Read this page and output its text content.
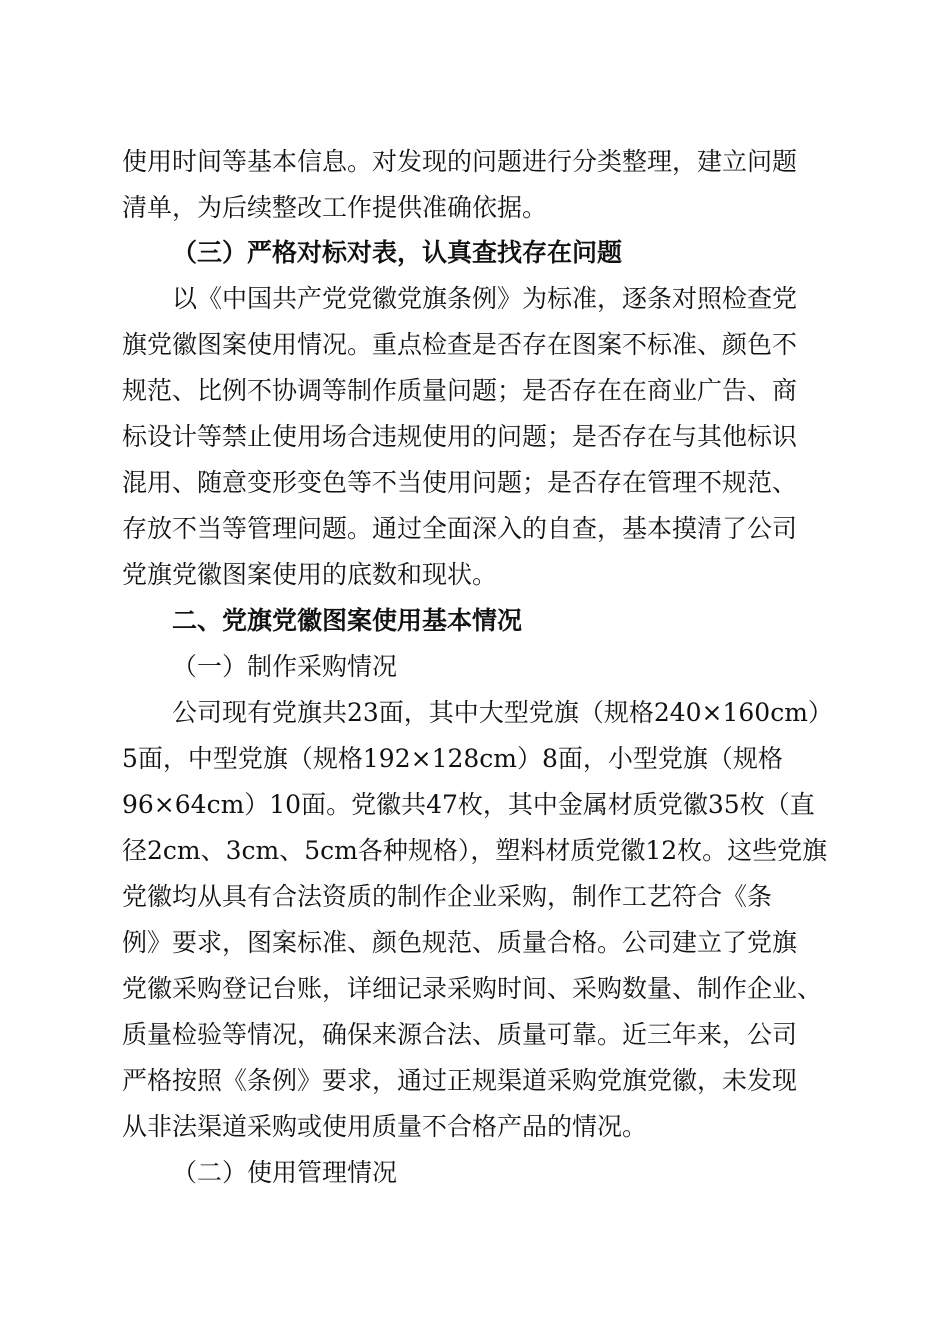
使用时间等基本信息。对发现的问题进行分类整理，建立问题
清单，为后续整改工作提供准确依据。
（三）严格对标对表，认真查找存在问题
以《中国共产党党徽党旗条例》为标准，逐条对照检查党
旗党徽图案使用情况。重点检查是否存在图案不标准、颜色不
规范、比例不协调等制作质量问题；是否存在在商业广告、商
标设计等禁止使用场合违规使用的问题；是否存在与其他标识
混用、随意变形变色等不当使用问题；是否存在管理不规范、
存放不当等管理问题。通过全面深入的自查，基本摸清了公司
党旗党徽图案使用的底数和现状。
二、党旗党徽图案使用基本情况
（一）制作采购情况
公司现有党旗共23面，其中大型党旗（规格240×160cm）
5面，中型党旗（规格192×128cm）8面，小型党旗（规格
96×64cm）10面。党徽共47枚，其中金属材质党徽35枚（直
径2cm、3cm、5cm各种规格），塑料材质党徽12枚。这些党旗
党徽均从具有合法资质的制作企业采购，制作工艺符合《条
例》要求，图案标准、颜色规范、质量合格。公司建立了党旗
党徽采购登记台账，详细记录采购时间、采购数量、制作企业、
质量检验等情况，确保来源合法、质量可靠。近三年来，公司
严格按照《条例》要求，通过正规渠道采购党旗党徽，未发现
从非法渠道采购或使用质量不合格产品的情况。
（二）使用管理情况
